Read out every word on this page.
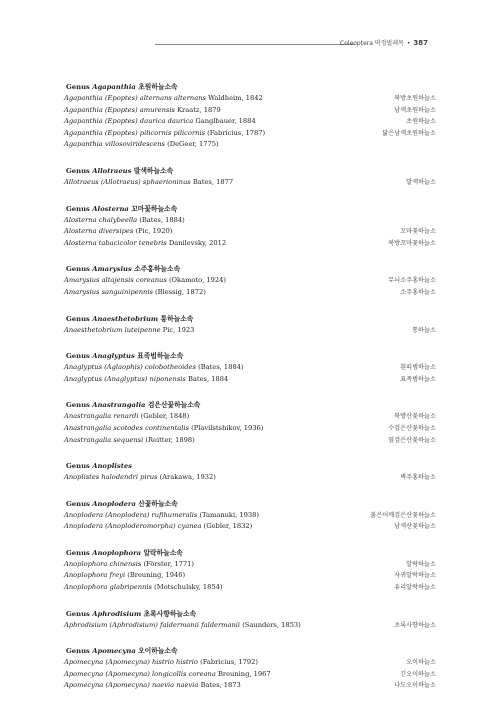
Coleoptera 딱정벌레목 • 387
Genus Agapanthia 초원하늘소속
Agapanthia (Epoptes) alternans alternans Waldheim, 1842	북방초원하늘소
Agapanthia (Epoptes) amurensis Kraatz, 1879	남색초원하늘소
Agapanthia (Epoptes) daurica daurica Ganglbauer, 1884	초원하늘소
Agapanthia (Epoptes) pilicornis pilicornis (Fabricius, 1787)	닮은남색초원하늘소
Agapanthia villosoviridescens (DeGeer, 1775)
Genus Allotraeus 발색하늘소속
Allotraeus (Allotraeus) sphaerioninus Bates, 1877	발색하늘소
Genus Alosterna 꼬마꽃하늘소속
Alosterna chalybeella (Bates, 1884)
Alosterna diversipes (Pic, 1920)	꼬마꽃하늘소
Alosterna tabacicolor tenebris Danilevsky, 2012	북방꼬마꽃하늘소
Genus Amarysius 소주홍하늘소속
Amarysius altajensis coreanus (Okamoto, 1924)	무늬소주홍하늘소
Amarysius sanguinipennis (Blessig, 1872)	소주홍하늘소
Genus Anaesthetobrium 통하늘소속
Anaesthetobrium luteipenne Pic, 1923	통하늘소
Genus Anaglyptus 표족범하늘소속
Anaglyptus (Aglaophis) colobotheoides (Bates, 1884)	흰띠범하늘소
Anaglyptus (Anaglyptus) niponensis Bates, 1884	표족범하늘소
Genus Anastrangalia 검은산꽃하늘소속
Anastrangalia renardi (Gebler, 1848)	북방산꽃하늘소
Anastrangalia scotodes continentalis (Plavilstshikov, 1936)	수검은산꽃하늘소
Anastrangalia sequensi (Reitter, 1898)	옆검은산꽃하늘소
Genus Anoplistes
Anoplistes halodendri pirus (Arakawa, 1932)	벽주홍하늘소
Genus Anoplodera 산꽃하늘소속
Anoplodera (Anoplodera) rufihumeralis (Tamanuki, 1938)	붉은어깨검은산꽃하늘소
Anoplodera (Anoploderomorpha) cyanea (Gebler, 1832)	남색산꽃하늘소
Genus Anoplophora 알락하늘소속
Anoplophora chinensis (Förster, 1771)	알락하늘소
Anoplophora freyi (Breuning, 1946)	자귀알락하늘소
Anoplophora glabripennis (Motschulsky, 1854)	유리알락하늘소
Genus Aphrodisium 초록사향하늘소속
Aphrodisium (Aphrodisium) faldermanii faldermanii (Saunders, 1853)	초록사향하늘소
Genus Apomecyna 오이하늘소속
Apomecyna (Apomecyna) histrio histrio (Fabricius, 1792)	오이하늘소
Apomecyna (Apomecyna) longicollis coreana Breuning, 1967	긴오이하늘소
Apomecyna (Apomecyna) naevia naevia Bates, 1873	나도오이하늘소
